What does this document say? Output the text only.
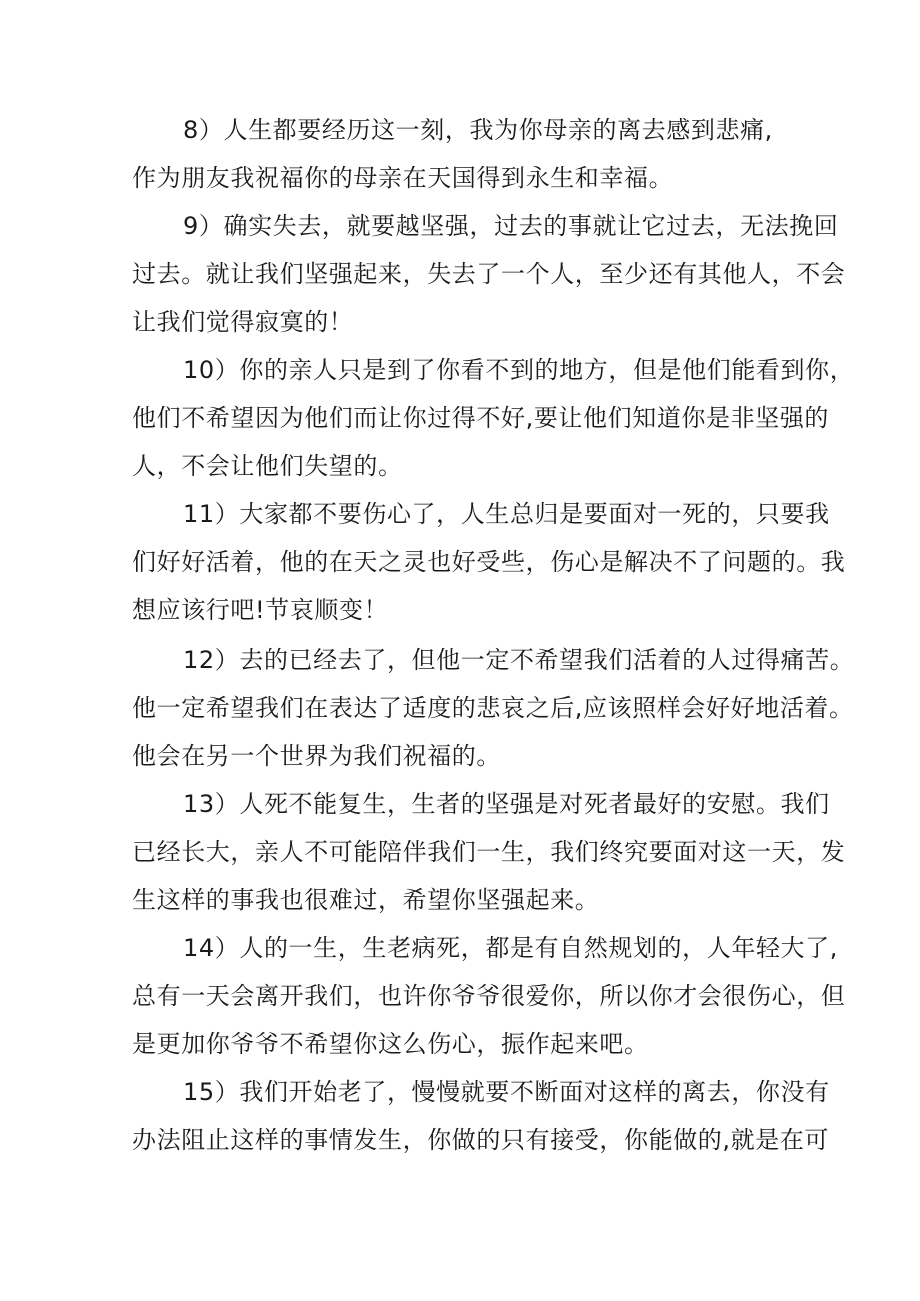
8）人生都要经历这一刻，我为你母亲的离去感到悲痛,
作为朋友我祝福你的母亲在天国得到永生和幸福。
9）确实失去，就要越坚强，过去的事就让它过去，无法挽回
过去。就让我们坚强起来，失去了一个人，至少还有其他人，不会
让我们觉得寂寞的！
10）你的亲人只是到了你看不到的地方，但是他们能看到你，
他们不希望因为他们而让你过得不好,要让他们知道你是非坚强的
人，不会让他们失望的。
11）大家都不要伤心了，人生总归是要面对一死的，只要我
们好好活着，他的在天之灵也好受些，伤心是解决不了问题的。我
想应该行吧!节哀顺变！
12）去的已经去了，但他一定不希望我们活着的人过得痛苦。
他一定希望我们在表达了适度的悲哀之后,应该照样会好好地活着。
他会在另一个世界为我们祝福的。
13）人死不能复生，生者的坚强是对死者最好的安慰。我们
已经长大，亲人不可能陪伴我们一生，我们终究要面对这一天，发
生这样的事我也很难过，希望你坚强起来。
14）人的一生，生老病死，都是有自然规划的，人年轻大了,
总有一天会离开我们，也许你爷爷很爱你，所以你才会很伤心，但
是更加你爷爷不希望你这么伤心，振作起来吧。
15）我们开始老了，慢慢就要不断面对这样的离去，你没有
办法阻止这样的事情发生，你做的只有接受，你能做的,就是在可
